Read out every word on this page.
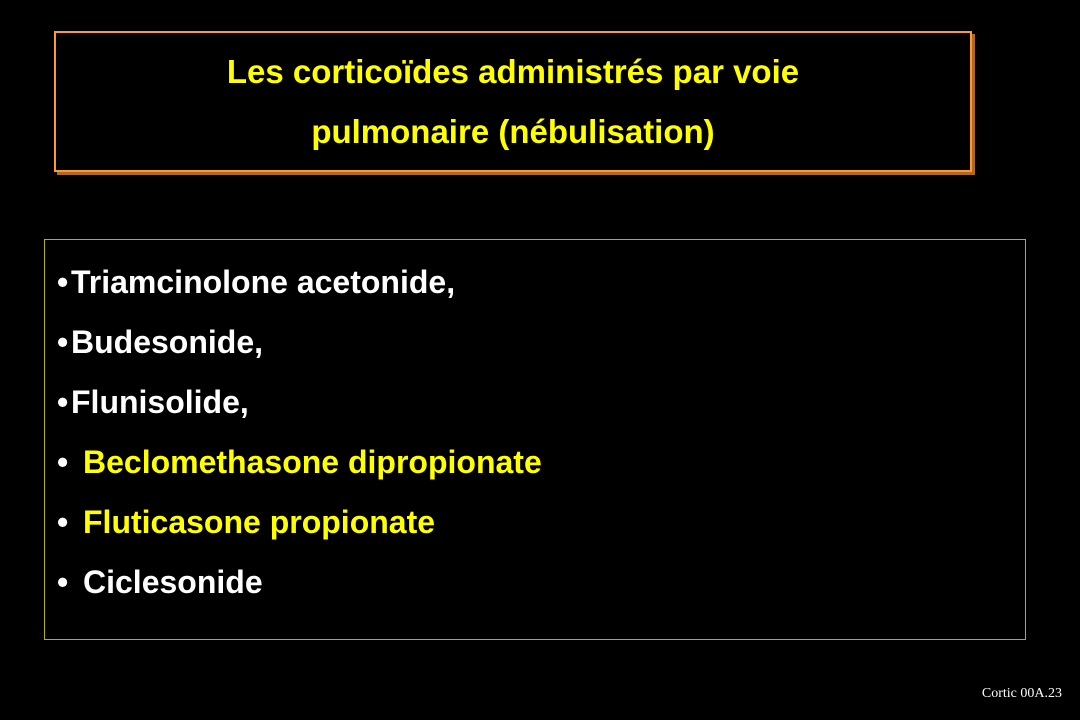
Les corticoïdes administrés par voie
pulmonaire (nébulisation)
•Triamcinolone acetonide,
•Budesonide,
•Flunisolide,
• Beclomethasone dipropionate
• Fluticasone propionate
• Ciclesonide
Cortic 00A.23
